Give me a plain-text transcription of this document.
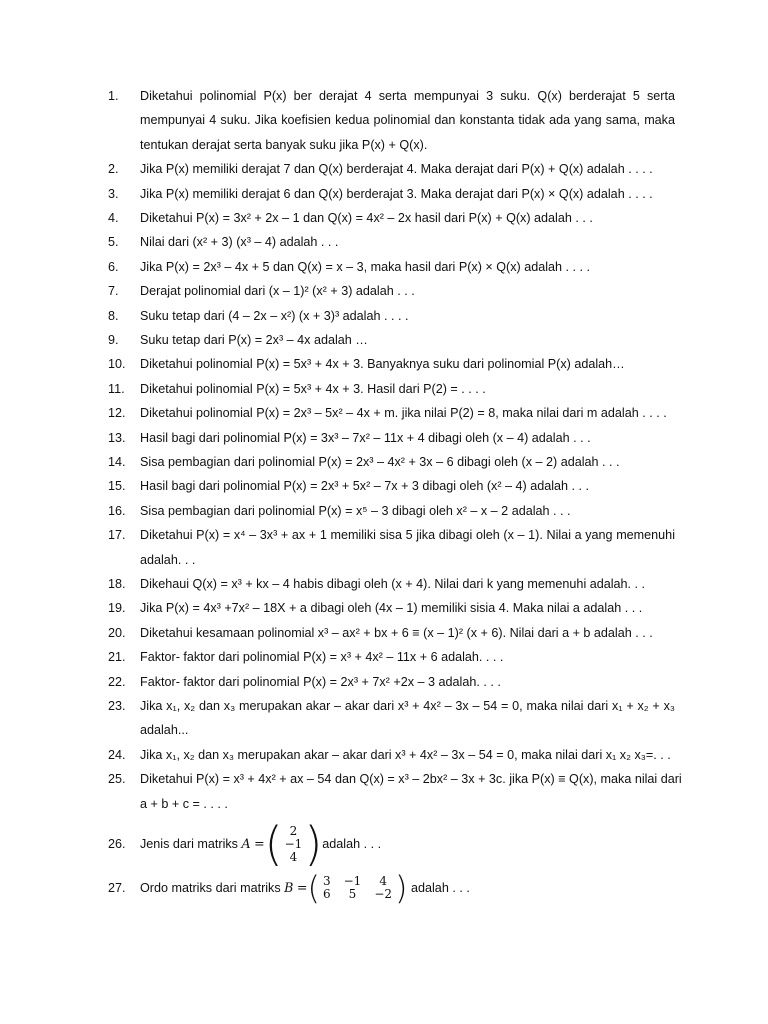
1.	Diketahui polinomial P(x) ber derajat 4 serta mempunyai 3 suku. Q(x) berderajat 5 serta
mempunyai 4 suku. Jika koefisien kedua polinomial dan konstanta tidak ada yang sama, maka
tentukan derajat serta banyak suku jika P(x) + Q(x).
2.	Jika P(x) memiliki derajat 7 dan Q(x) berderajat 4. Maka derajat dari P(x) + Q(x) adalah . . . .
3.	Jika P(x) memiliki derajat 6 dan Q(x) berderajat 3. Maka derajat dari P(x) × Q(x) adalah . . . .
4.	Diketahui P(x) = 3x² + 2x – 1 dan Q(x) = 4x² – 2x hasil dari P(x) + Q(x) adalah . . .
5.	Nilai dari (x² + 3) (x³ – 4) adalah . . .
6.	Jika P(x) = 2x³ – 4x + 5 dan Q(x) = x – 3, maka hasil dari P(x) × Q(x) adalah . . . .
7.	Derajat polinomial dari (x – 1)² (x² + 3) adalah . . .
8.	Suku tetap dari (4 – 2x – x²) (x + 3)³ adalah . . . .
9.	Suku tetap dari P(x) = 2x³ – 4x adalah …
10.	Diketahui polinomial P(x) = 5x³ + 4x + 3. Banyaknya suku dari polinomial P(x) adalah…
11.	Diketahui polinomial P(x) = 5x³ + 4x + 3. Hasil dari P(2) = . . . .
12.	Diketahui polinomial P(x) = 2x³ – 5x² – 4x + m. jika nilai P(2) = 8, maka nilai dari m adalah . . . .
13.	Hasil bagi dari polinomial P(x) = 3x³ – 7x² – 11x + 4 dibagi oleh (x – 4) adalah . . .
14.	Sisa pembagian dari polinomial P(x) = 2x³ – 4x² + 3x – 6 dibagi oleh (x – 2) adalah . . .
15.	Hasil bagi dari polinomial P(x) = 2x³ + 5x² – 7x + 3 dibagi oleh (x² – 4) adalah . . .
16.	Sisa pembagian dari polinomial P(x) = x⁵ – 3 dibagi oleh x² – x – 2 adalah . . .
17.	Diketahui P(x) = x⁴ – 3x³ + ax + 1 memiliki sisa 5 jika dibagi oleh (x – 1). Nilai a yang memenuhi
adalah. . .
18.	Dikehaui Q(x) = x³ + kx – 4 habis dibagi oleh (x + 4). Nilai dari k yang memenuhi adalah. . .
19.	Jika P(x) = 4x³ +7x² – 18X + a dibagi oleh (4x – 1) memiliki sisia 4. Maka nilai a adalah . . .
20.	Diketahui kesamaan polinomial x³ – ax² + bx + 6 ≡ (x – 1)² (x + 6). Nilai dari a + b adalah . . .
21.	Faktor- faktor dari polinomial P(x) = x³ + 4x² – 11x + 6 adalah. . . .
22.	Faktor- faktor dari polinomial P(x) = 2x³ + 7x² +2x – 3 adalah. . . .
23.	Jika x₁, x₂ dan x₃ merupakan akar – akar dari x³ + 4x² – 3x – 54 = 0, maka nilai dari x₁ + x₂ + x₃
adalah...
24.	Jika x₁, x₂ dan x₃ merupakan akar – akar dari x³ + 4x² – 3x – 54 = 0, maka nilai dari x₁ x₂ x₃=. . .
25.	Diketahui P(x) = x³ + 4x² + ax – 54 dan Q(x) = x³ – 2bx² – 3x + 3c. jika P(x) ≡ Q(x), maka nilai dari
a + b + c = . . . .
26.	Jenis dari matriks
A
= ( 2
−1
4 ) adalah . . .
27.	Ordo matriks dari matriks
B
= ( 3 −1	4
6	5	−2 )
adalah . . .
